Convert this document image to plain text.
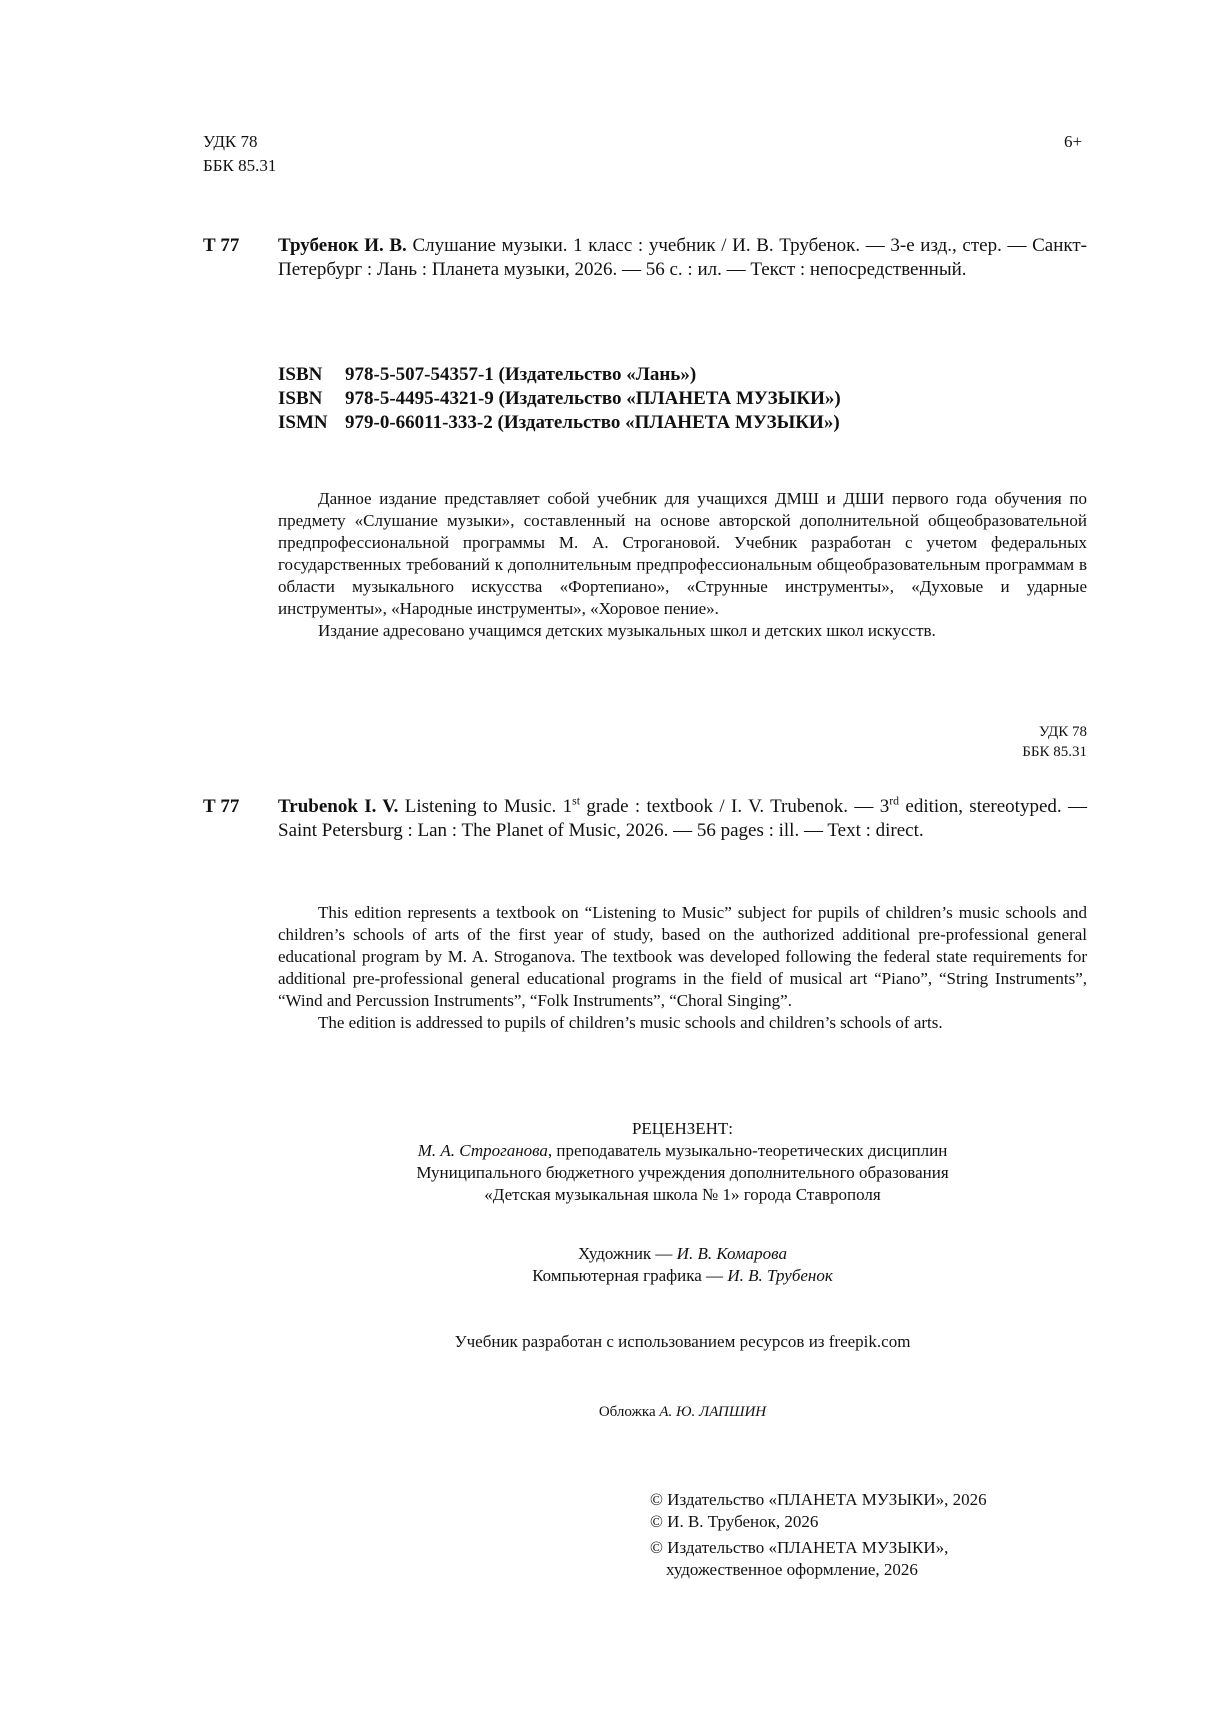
УДК 78
ББК 85.31
6+
Т 77 Трубенок И. В. Слушание музыки. 1 класс : учебник / И. В. Трубенок. — 3-е изд., стер. — Санкт-Петербург : Лань : Планета музыки, 2026. — 56 с. : ил. — Текст : непосредственный.
ISBN 978-5-507-54357-1 (Издательство «Лань»)
ISBN 978-5-4495-4321-9 (Издательство «ПЛАНЕТА МУЗЫКИ»)
ISMN 979-0-66011-333-2 (Издательство «ПЛАНЕТА МУЗЫКИ»)

Данное издание представляет собой учебник для учащихся ДМШ и ДШИ первого года обучения по предмету «Слушание музыки», составленный на основе авторской дополнительной общеобразовательной предпрофессиональной программы М. А. Строгановой. Учебник разработан с учетом федеральных государственных требований к дополнительным предпрофессиональным общеобразовательным программам в области музыкального искусства «Фортепиано», «Струнные инструменты», «Духовые и ударные инструменты», «Народные инструменты», «Хоровое пение».

Издание адресовано учащимся детских музыкальных школ и детских школ искусств.

УДК 78
ББК 85.31
Т 77 Trubenok I. V. Listening to Music. 1st grade : textbook / I. V. Trubenok. — 3rd edition, stereotyped. — Saint Petersburg : Lan : The Planet of Music, 2026. — 56 pages : ill. — Text : direct.

This edition represents a textbook on “Listening to Music” subject for pupils of children’s music schools and children’s schools of arts of the first year of study, based on the authorized additional pre-professional general educational program by M. A. Stroganova. The textbook was developed following the federal state requirements for additional pre-professional general educational programs in the field of musical art “Piano”, “String Instruments”, “Wind and Percussion Instruments”, “Folk Instruments”, “Choral Singing”.

The edition is addressed to pupils of children’s music schools and children’s schools of arts.

РЕЦЕНЗЕНТ:
М. А. Строганова, преподаватель музыкально-теоретических дисциплин
Муниципального бюджетного учреждения дополнительного образования
«Детская музыкальная школа № 1» города Ставрополя
Художник — И. В. Комарова
Компьютерная графика — И. В. Трубенок
Учебник разработан с использованием ресурсов из freepik.com
Обложка А. Ю. ЛАПШИН
© Издательство «ПЛАНЕТА МУЗЫКИ», 2026
© И. В. Трубенок, 2026
© Издательство «ПЛАНЕТА МУЗЫКИ»,
художественное оформление, 2026
